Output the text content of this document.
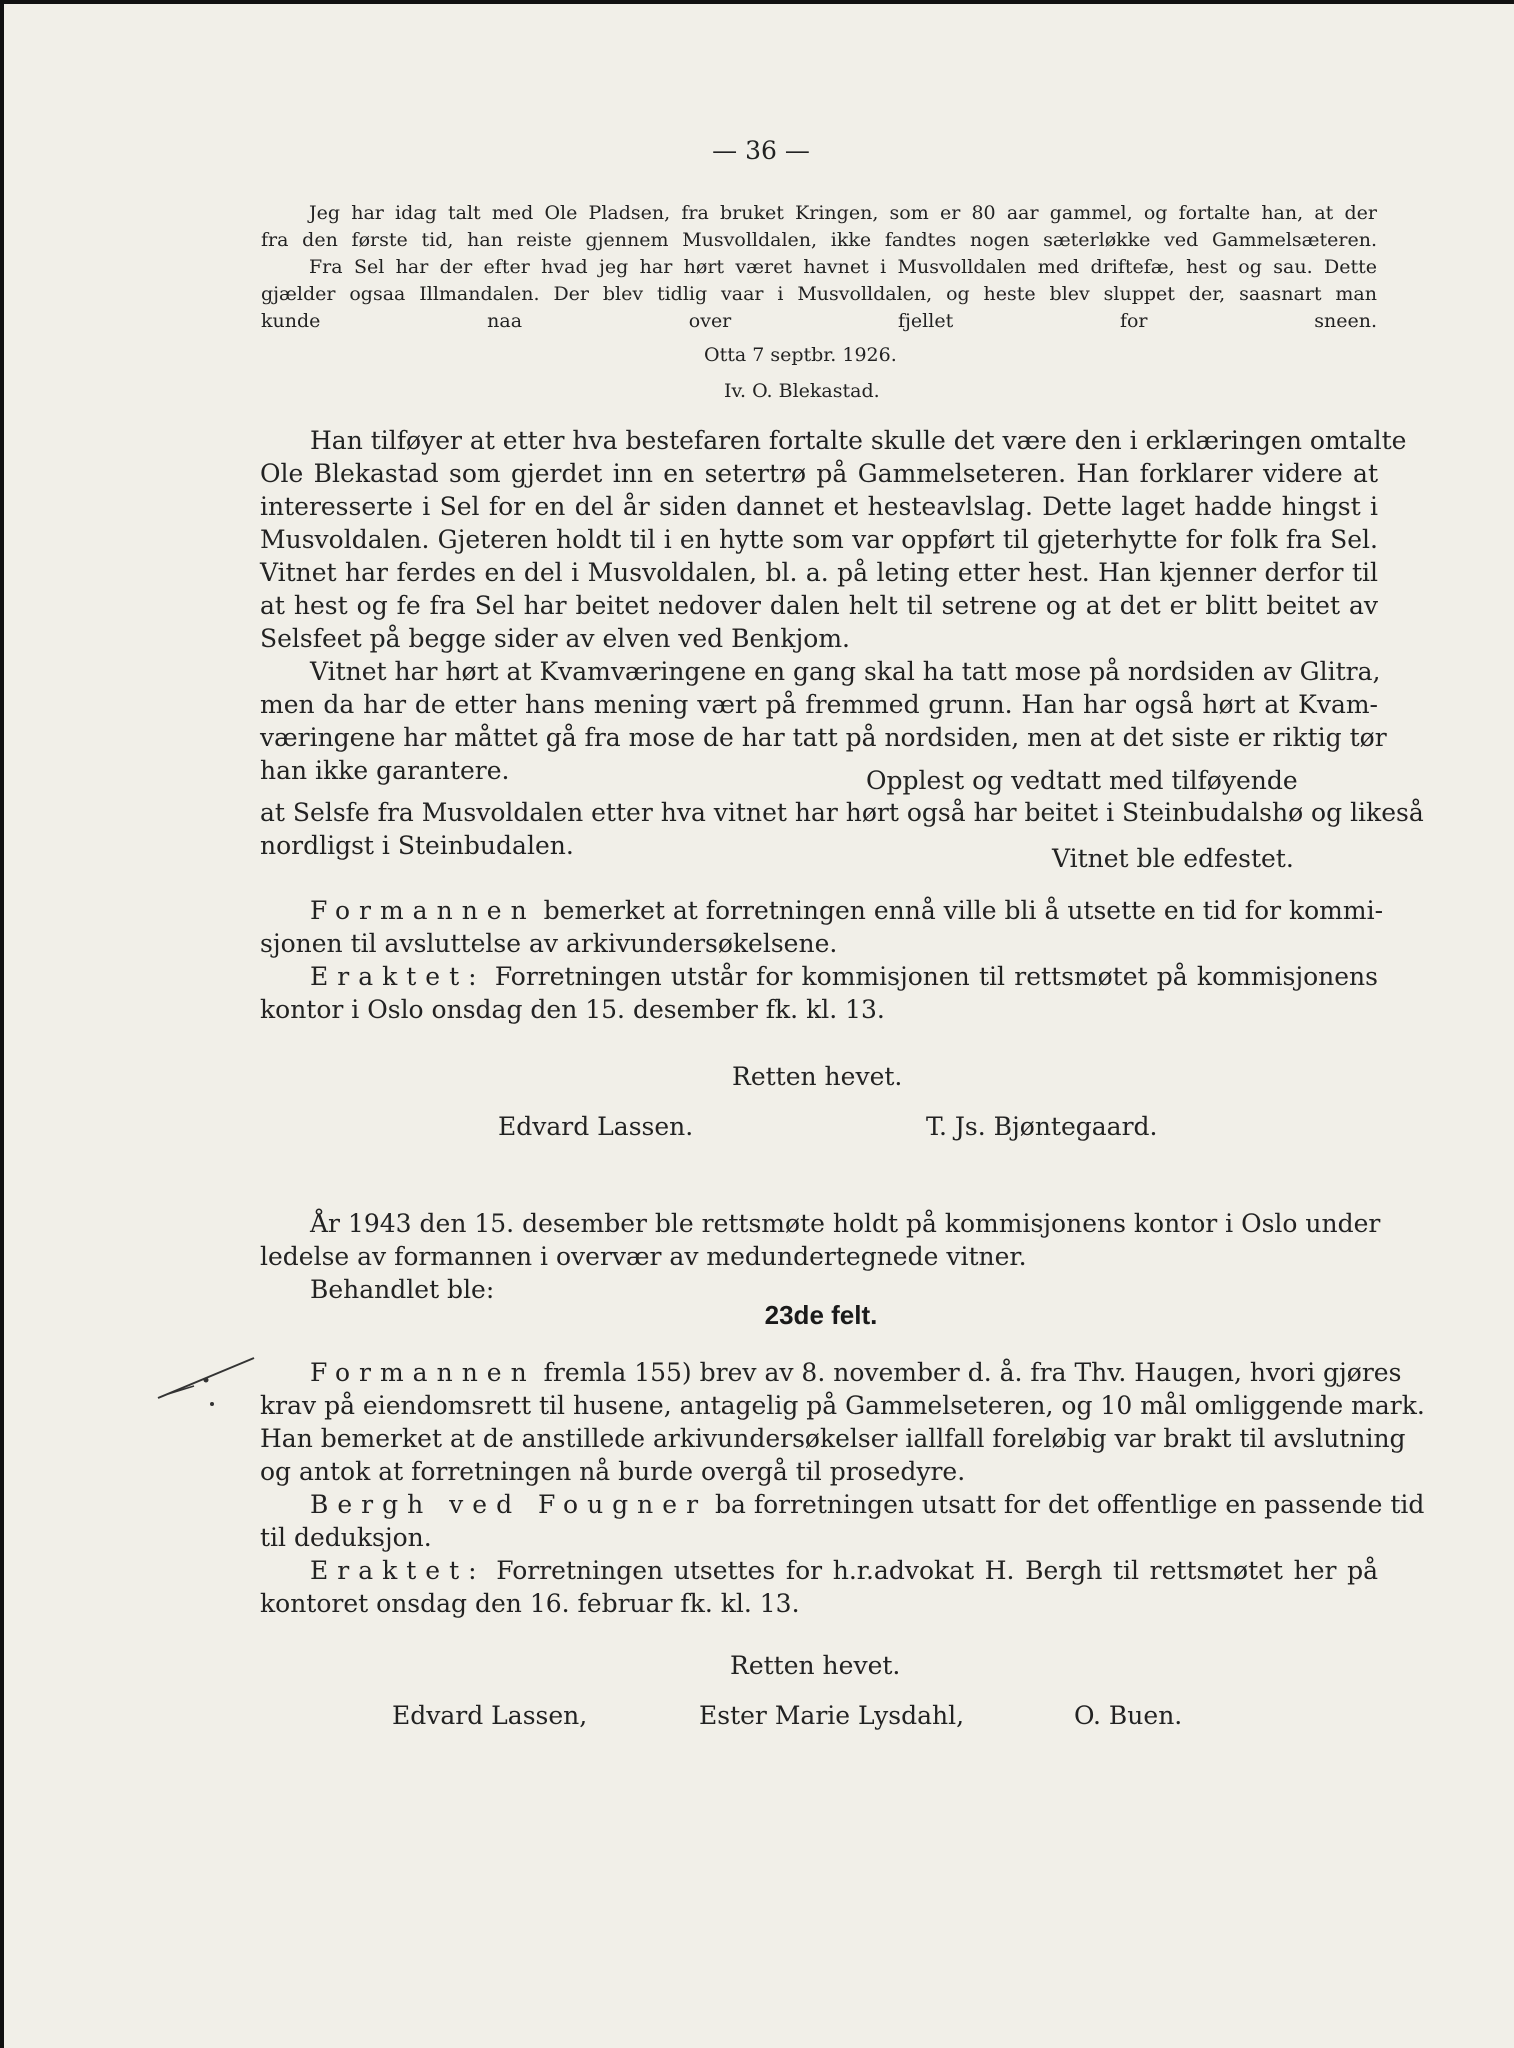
— 36 —
Jeg har idag talt med Ole Pladsen, fra bruket Kringen, som er 80 aar gammel, og fortalte han, at der
fra den første tid, han reiste gjennem Musvolldalen, ikke fandtes nogen sæterløkke ved Gammelsæteren.
Fra Sel har der efter hvad jeg har hørt været havnet i Musvolldalen med driftefæ, hest og sau. Dette
gjælder ogsaa Illmandalen. Der blev tidlig vaar i Musvolldalen, og heste blev sluppet der, saasnart man
kunde naa over fjellet for sneen.
Otta 7 septbr. 1926.
Iv. O. Blekastad.
Han tilføyer at etter hva bestefaren fortalte skulle det være den i erklæringen omtalte
Ole Blekastad som gjerdet inn en setertrø på Gammelseteren. Han forklarer videre at
interesserte i Sel for en del år siden dannet et hesteavlslag. Dette laget hadde hingst i
Musvoldalen. Gjeteren holdt til i en hytte som var oppført til gjeterhytte for folk fra Sel.
Vitnet har ferdes en del i Musvoldalen, bl. a. på leting etter hest. Han kjenner derfor til
at hest og fe fra Sel har beitet nedover dalen helt til setrene og at det er blitt beitet av
Selsfeet på begge sider av elven ved Benkjom.
Vitnet har hørt at Kvamværingene en gang skal ha tatt mose på nordsiden av Glitra,
men da har de etter hans mening vært på fremmed grunn. Han har også hørt at Kvam-
væringene har måttet gå fra mose de har tatt på nordsiden, men at det siste er riktig tør
han ikke garantere.	Opplest og vedtatt med tilføyende
at Selsfe fra Musvoldalen etter hva vitnet har hørt også har beitet i Steinbudalshø og likeså
nordligst i Steinbudalen.	Vitnet ble edfestet.
Formannen bemerket at forretningen ennå ville bli å utsette en tid for kommi-
sjonen til avsluttelse av arkivundersøkelsene.
Eraktet: Forretningen utstår for kommisjonen til rettsmøtet på kommisjonens
kontor i Oslo onsdag den 15. desember fk. kl. 13.
Retten hevet.
Edvard Lassen.	T. Js. Bjøntegaard.
År 1943 den 15. desember ble rettsmøte holdt på kommisjonens kontor i Oslo under
ledelse av formannen i overvær av medundertegnede vitner.
Behandlet ble:
23de felt.
Formannen fremla 155) brev av 8. november d. å. fra Thv. Haugen, hvori gjøres
krav på eiendomsrett til husene, antagelig på Gammelseteren, og 10 mål omliggende mark.
Han bemerket at de anstillede arkivundersøkelser iallfall foreløbig var brakt til avslutning
og antok at forretningen nå burde overgå til prosedyre.
Bergh ved Fougner ba forretningen utsatt for det offentlige en passende tid
til deduksjon.
Eraktet: Forretningen utsettes for h.r.advokat H. Bergh til rettsmøtet her på
kontoret onsdag den 16. februar fk. kl. 13.
Retten hevet.
Edvard Lassen,	Ester Marie Lysdahl,	O. Buen.
